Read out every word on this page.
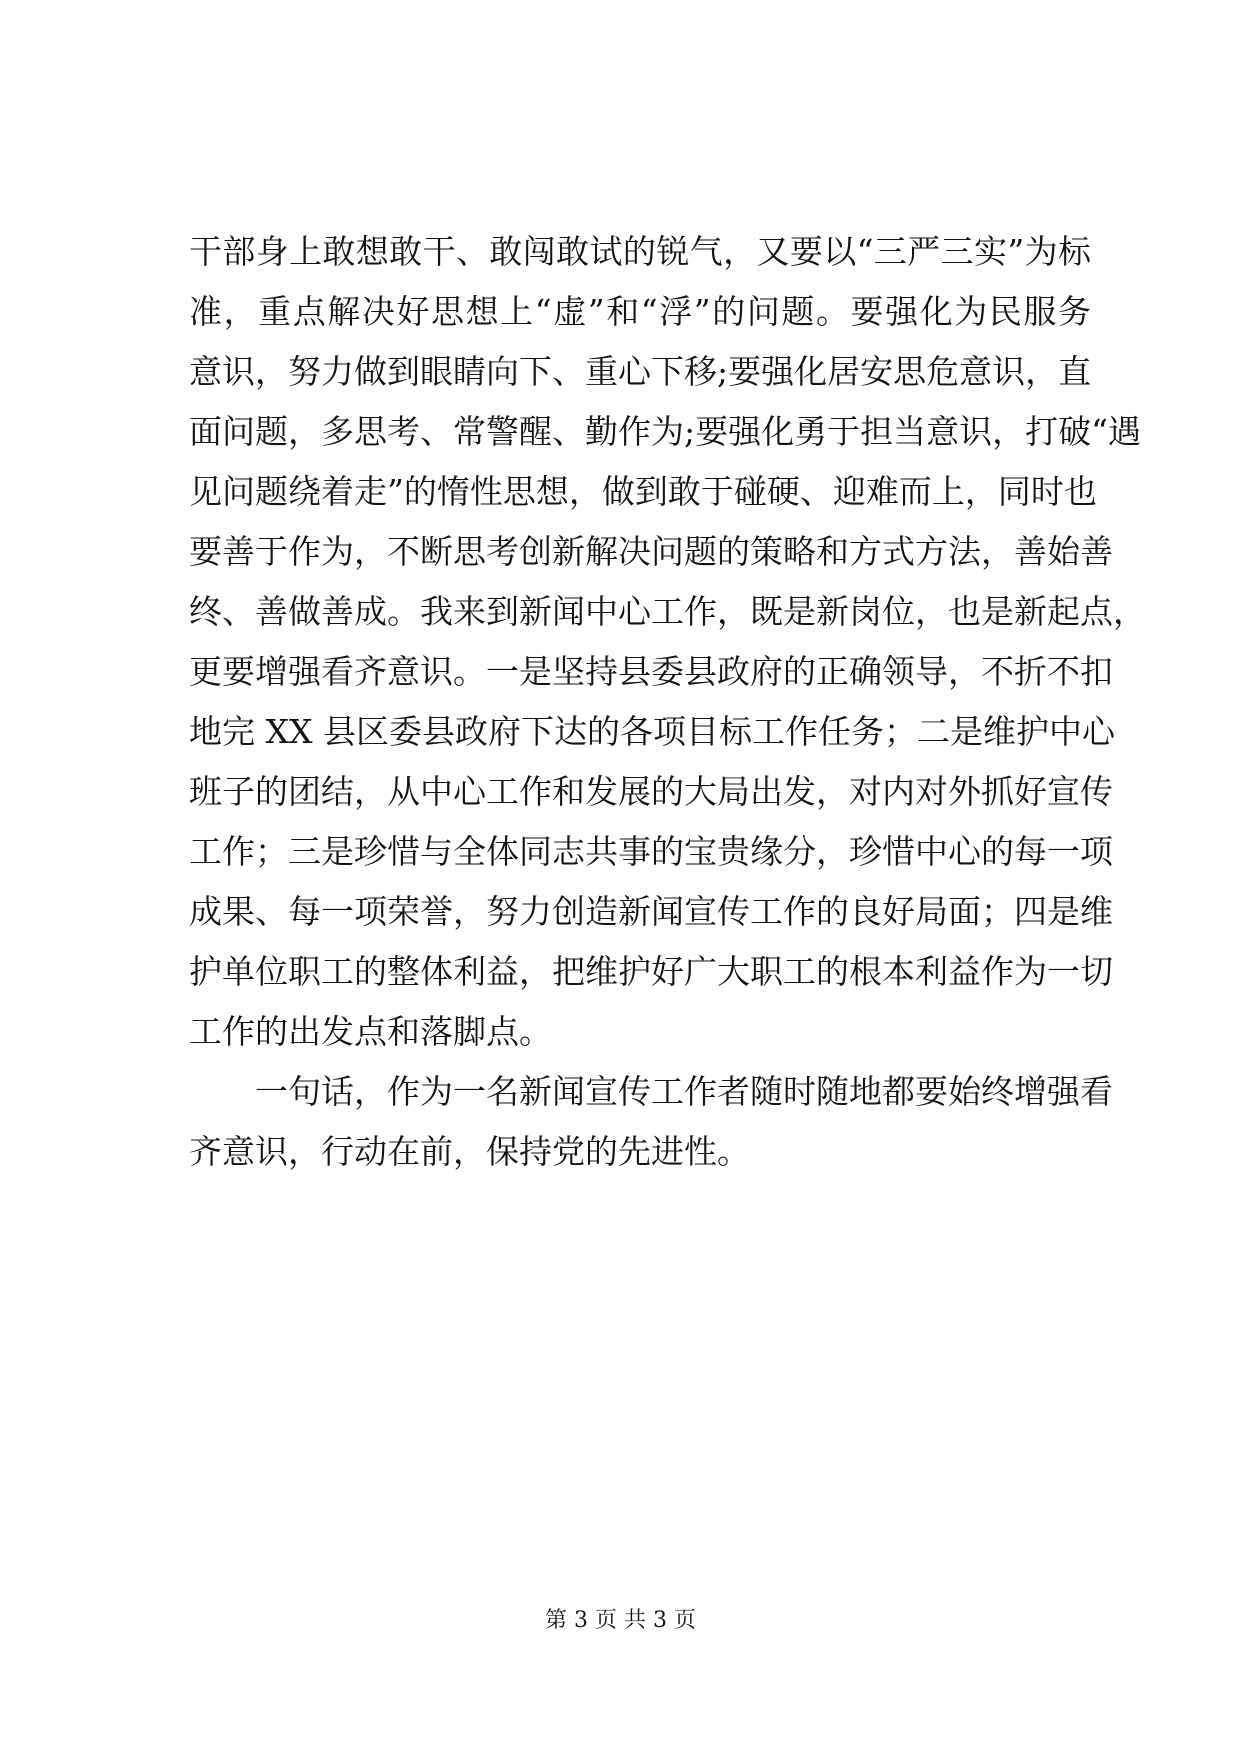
干部身上敢想敢干、敢闯敢试的锐气，又要以“三严三实”为标
准，重点解决好思想上“虚”和“浮”的问题。要强化为民服务
意识，努力做到眼睛向下、重心下移;要强化居安思危意识，直
面问题，多思考、常警醒、勤作为;要强化勇于担当意识，打破“遇
见问题绕着走”的惰性思想，做到敢于碰硬、迎难而上，同时也
要善于作为，不断思考创新解决问题的策略和方式方法，善始善
终、善做善成。我来到新闻中心工作，既是新岗位，也是新起点，
更要增强看齐意识。一是坚持县委县政府的正确领导，不折不扣
地完 XX 县区委县政府下达的各项目标工作任务；二是维护中心
班子的团结，从中心工作和发展的大局出发，对内对外抓好宣传
工作；三是珍惜与全体同志共事的宝贵缘分，珍惜中心的每一项
成果、每一项荣誉，努力创造新闻宣传工作的良好局面；四是维
护单位职工的整体利益，把维护好广大职工的根本利益作为一切
工作的出发点和落脚点。
一句话，作为一名新闻宣传工作者随时随地都要始终增强看
齐意识，行动在前，保持党的先进性。
第 3 页 共 3 页
